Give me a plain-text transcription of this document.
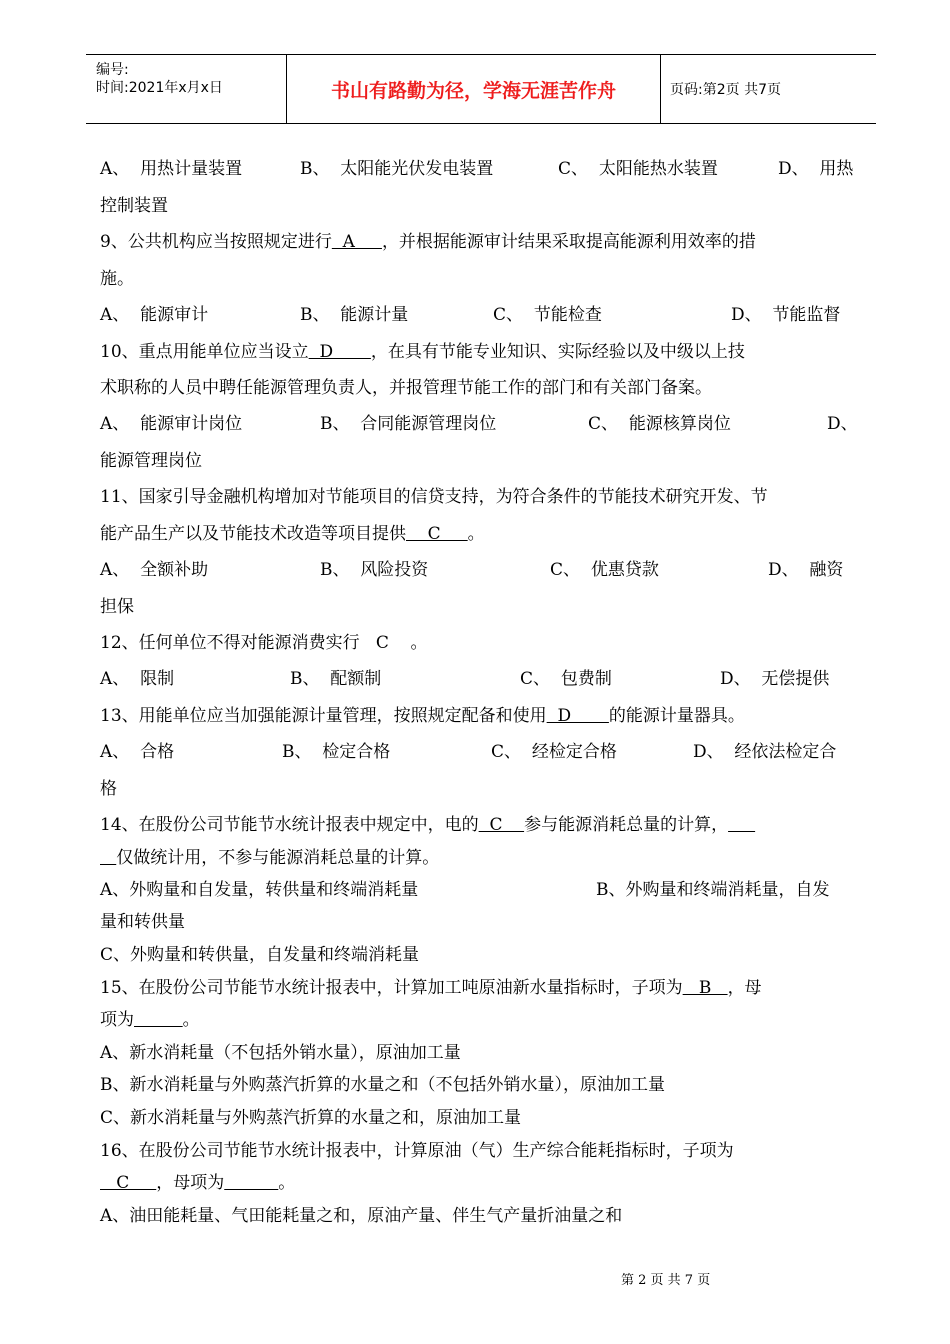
编号:
时间:2021年x月x日	书山有路勤为径，学海无涯苦作舟	页码:第2页 共7页
A、  用热计量装置	B、  太阳能光伏发电装置	C、  太阳能热水装置	D、  用热
控制装置
9、公共机构应当按照规定进行  A     ，并根据能源审计结果采取提高能源利用效率的措
施。
A、  能源审计	B、  能源计量	C、  节能检查	D、  节能监督
10、重点用能单位应当设立  D       ，在具有节能专业知识、实际经验以及中级以上技
术职称的人员中聘任能源管理负责人，并报管理节能工作的部门和有关部门备案。
A、  能源审计岗位	B、  合同能源管理岗位	C、  能源核算岗位	D、
能源管理岗位
11、国家引导金融机构增加对节能项目的信贷支持，为符合条件的节能技术研究开发、节
能产品生产以及节能技术改造等项目提供    C     。
A、  全额补助	B、  风险投资	C、  优惠贷款	D、  融资
担保
12、任何单位不得对能源消费实行   C    。
A、  限制	B、  配额制	C、  包费制	D、  无偿提供
13、用能单位应当加强能源计量管理，按照规定配备和使用  D       的能源计量器具。
A、  合格	B、  检定合格	C、  经检定合格	D、  经依法检定合
格
14、在股份公司节能节水统计报表中规定中，电的  C    参与能源消耗总量的计算，
仅做统计用，不参与能源消耗总量的计算。
A、外购量和自发量，转供量和终端消耗量	B、外购量和终端消耗量，自发
量和转供量
C、外购量和转供量，自发量和终端消耗量
15、在股份公司节能节水统计报表中，计算加工吨原油新水量指标时，子项为   B   ，母
项为	。
A、新水消耗量（不包括外销水量），原油加工量
B、新水消耗量与外购蒸汽折算的水量之和（不包括外销水量），原油加工量
C、新水消耗量与外购蒸汽折算的水量之和，原油加工量
16、在股份公司节能节水统计报表中，计算原油（气）生产综合能耗指标时，子项为
C     ，母项为	。
A、油田能耗量、气田能耗量之和，原油产量、伴生气产量折油量之和
第 2 页 共 7 页
